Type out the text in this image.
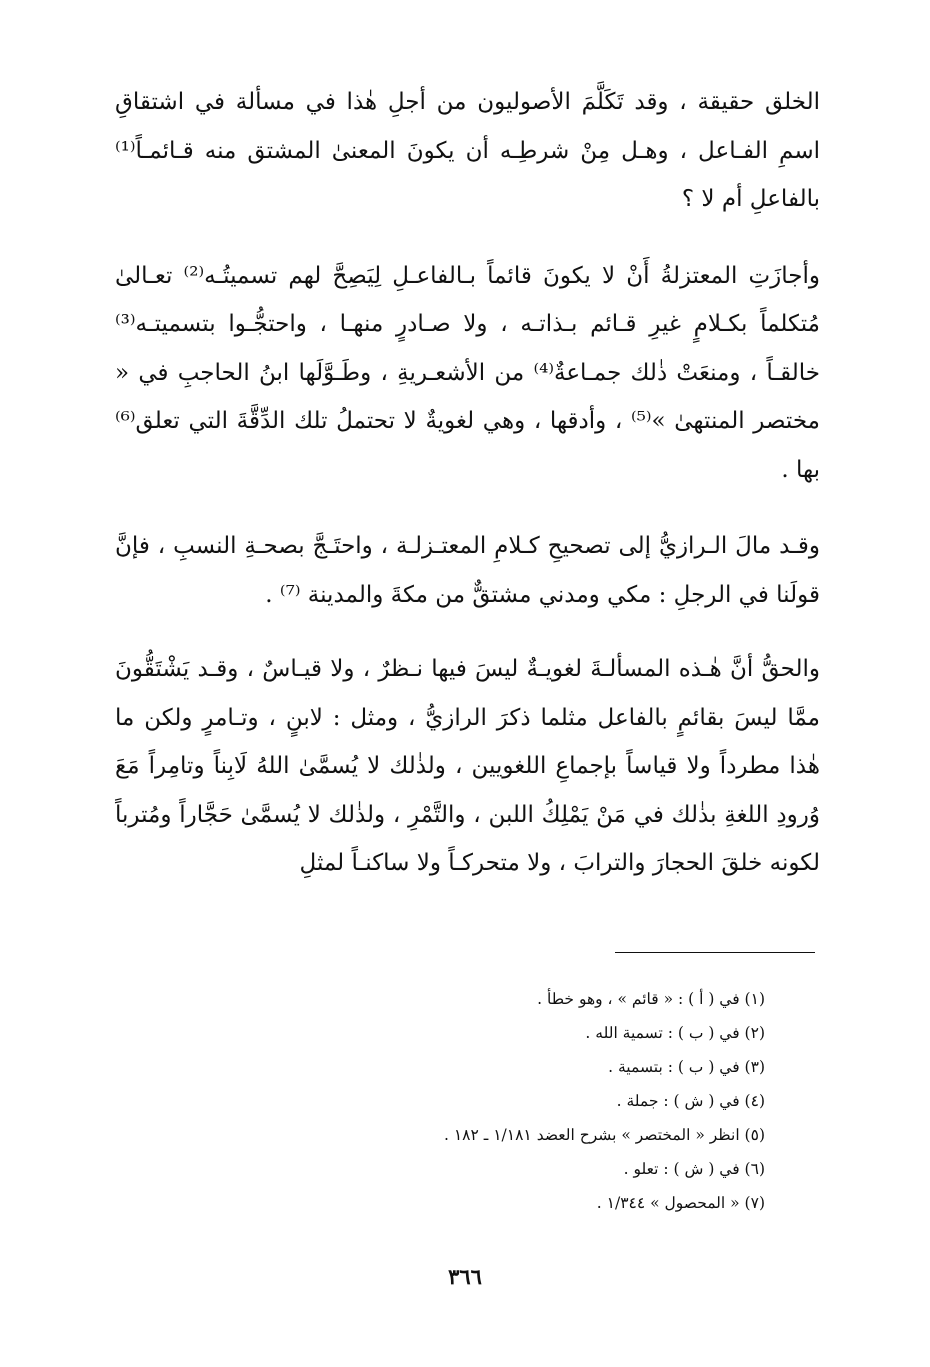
الخلق حقيقة ، وقد تَكَلَّمَ الأصوليون من أجلِ هٰذا في مسألة في اشتقاقِ اسمِ الفـاعل ، وهـل مِنْ شرطِـه أن يكونَ المعنىٰ المشتق منه قـائمـاً⁽¹⁾ بالفاعلِ أم لا ؟

وأجازَتِ المعتزلةُ أَنْ لا يكونَ قائماً بـالفاعـلِ لِيَصِحَّ لهم تسميتُـه⁽²⁾ تعـالىٰ مُتكلماً بكـلامٍ غيرِ قـائم بـذاتـه ، ولا صـادرٍ منهـا ، واحتجُّـوا بتسميتـه⁽³⁾ خالقـاً ، ومنعَتْ ذٰلك جمـاعةٌ⁽⁴⁾ من الأشعـريةِ ، وطَـوَّلَها ابنُ الحاجبِ في « مختصر المنتهىٰ »⁽⁵⁾ ، وأدقها ، وهي لغويةٌ لا تحتملُ تلك الدِّقَّةَ التي تعلق⁽⁶⁾ بها .

وقـد مالَ الـرازيُّ إلى تصحيحِ كـلامِ المعتـزلـة ، واحتَـجَّ بصحـةِ النسبِ ، فإنَّ قولَنا في الرجلِ : مكي ومدني مشتقٌّ من مكةَ والمدينة ⁽⁷⁾ .

والحقُّ أنَّ هٰـذه المسألـةَ لغويـةٌ ليسَ فيها نـظرٌ ، ولا قيـاسٌ ، وقـد يَشْتَقُّونَ ممَّا ليسَ بقائمٍ بالفاعل مثلما ذكرَ الرازيُّ ، ومثل : لابنٍ ، وتـامرٍ ولكن ما هٰذا مطرداً ولا قياساً بإجماعِ اللغويين ، ولذٰلك لا يُسمَّىٰ اللهُ لَابِناً وتامِراً مَعَ وُرودِ اللغةِ بذٰلك في مَنْ يَمْلِكُ اللبن ، والتَّمْرِ ، ولذٰلك لا يُسمَّىٰ حَجَّاراً ومُترباً لكونه خلقَ الحجارَ والترابَ ، ولا متحركـاً ولا ساكنـاً لمثلِ

(١) في ( أ ) : « قائم » ، وهو خطأ .
(٢) في ( ب ) : تسمية الله .
(٣) في ( ب ) : بتسمية .
(٤) في ( ش ) : جملة .
(٥) انظر « المختصر » بشرح العضد ١/١٨١ ـ ١٨٢ .
(٦) في ( ش ) : تعلو .
(٧) « المحصول » ١/٣٤٤ .
٣٦٦
